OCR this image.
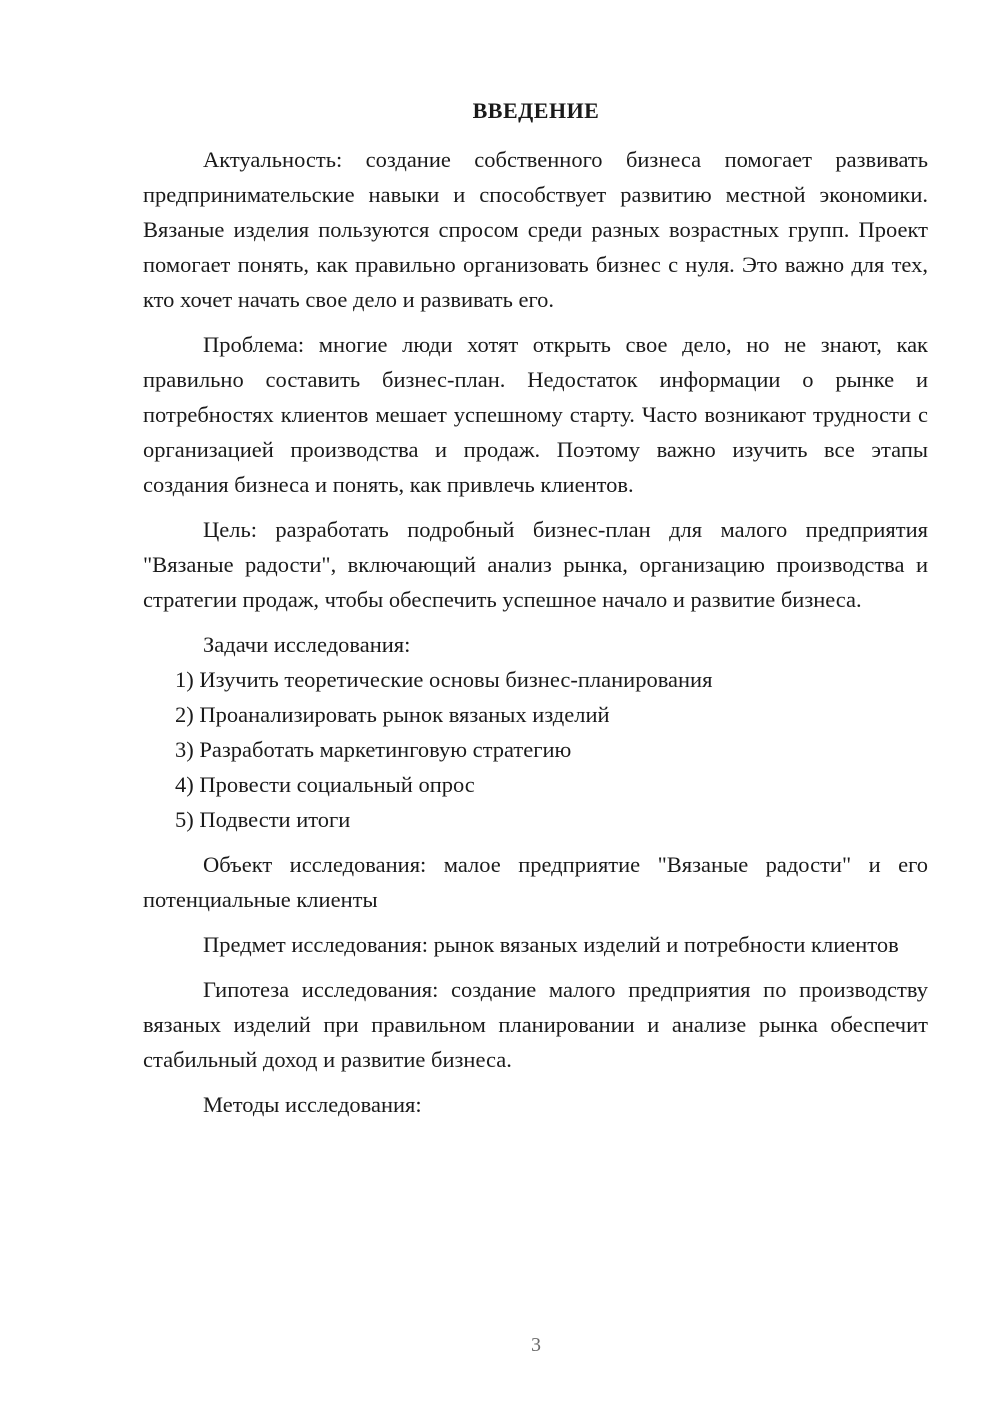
ВВЕДЕНИЕ

Актуальность: создание собственного бизнеса помогает развивать предпринимательские навыки и способствует развитию местной экономики. Вязаные изделия пользуются спросом среди разных возрастных групп. Проект помогает понять, как правильно организовать бизнес с нуля. Это важно для тех, кто хочет начать свое дело и развивать его.

Проблема: многие люди хотят открыть свое дело, но не знают, как правильно составить бизнес-план. Недостаток информации о рынке и потребностях клиентов мешает успешному старту. Часто возникают трудности с организацией производства и продаж. Поэтому важно изучить все этапы создания бизнеса и понять, как привлечь клиентов.

Цель: разработать подробный бизнес-план для малого предприятия "Вязаные радости", включающий анализ рынка, организацию производства и стратегии продаж, чтобы обеспечить успешное начало и развитие бизнеса.

Задачи исследования:

1) Изучить теоретические основы бизнес-планирования

2) Проанализировать рынок вязаных изделий

3) Разработать маркетинговую стратегию

4) Провести социальный опрос

5) Подвести итоги

Объект исследования: малое предприятие "Вязаные радости" и его потенциальные клиенты

Предмет исследования: рынок вязаных изделий и потребности клиентов

Гипотеза исследования: создание малого предприятия по производству вязаных изделий при правильном планировании и анализе рынка обеспечит стабильный доход и развитие бизнеса.

Методы исследования:

3
